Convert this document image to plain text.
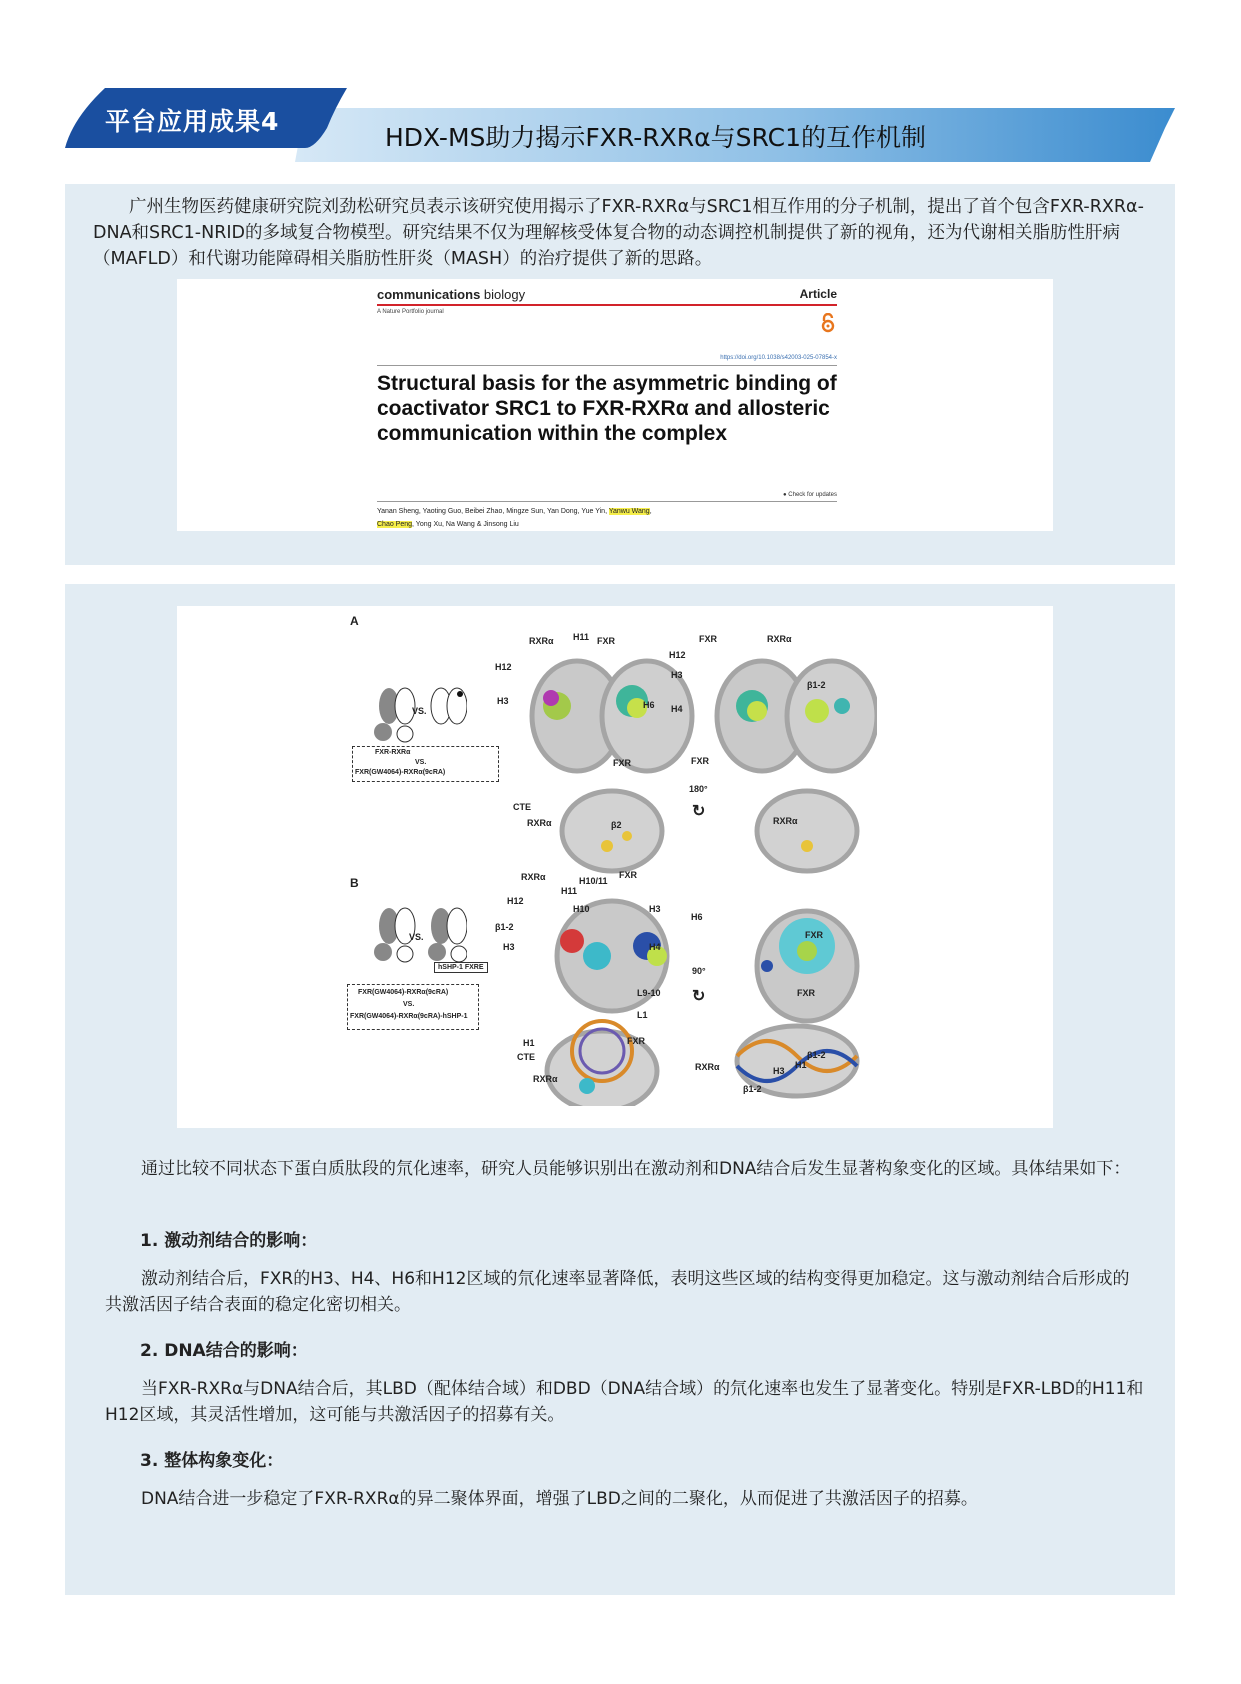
平台应用成果4
HDX-MS助力揭示FXR-RXRα与SRC1的互作机制
广州生物医药健康研究院刘劲松研究员表示该研究使用揭示了FXR-RXRα与SRC1相互作用的分子机制，提出了首个包含FXR-RXRα-DNA和SRC1-NRID的多域复合物模型。研究结果不仅为理解核受体复合物的动态调控机制提供了新的视角，还为代谢相关脂肪性肝病（MAFLD）和代谢功能障碍相关脂肪性肝炎（MASH）的治疗提供了新的思路。
communications biology	Article
A Nature Portfolio journal
https://doi.org/10.1038/s42003-025-07854-x
Structural basis for the asymmetric binding of coactivator SRC1 to FXR-RXRα and allosteric communication within the complex
● Check for updates
Yanan Sheng, Yaoting Guo, Beibei Zhao, Mingze Sun, Yan Dong, Yue Yin, Yanwu Wang,
Chao Peng, Yong Xu, Na Wang & Jinsong Liu
A
B
VS.
FXR-RXRα
VS.
FXR(GW4064)-RXRα(9cRA)
VS.
hSHP-1 FXRE
FXR(GW4064)-RXRα(9cRA)
VS.
FXR(GW4064)-RXRα(9cRA)-hSHP-1
↻
↻
180°
90°
RXRα H11 FXR
H12
H3	H6
FXR	RXRα
H12
H3
H4
β1-2
FXR	FXR
CTE
RXRα	β2	RXRα
RXRα
H11
H10/11
FXR
H12
H10	H3
β1-2
H3	H4
L9-10
L1
H1
CTE
FXR
RXRα
H6
FXR
FXR
RXRα	H3
H1
β1-2
β1-2
通过比较不同状态下蛋白质肽段的氘化速率，研究人员能够识别出在激动剂和DNA结合后发生显著构象变化的区域。具体结果如下：
1. 激动剂结合的影响：
激动剂结合后，FXR的H3、H4、H6和H12区域的氘化速率显著降低，表明这些区域的结构变得更加稳定。这与激动剂结合后形成的共激活因子结合表面的稳定化密切相关。
2. DNA结合的影响：
当FXR-RXRα与DNA结合后，其LBD（配体结合域）和DBD（DNA结合域）的氘化速率也发生了显著变化。特别是FXR-LBD的H11和H12区域，其灵活性增加，这可能与共激活因子的招募有关。
3. 整体构象变化：
DNA结合进一步稳定了FXR-RXRα的异二聚体界面，增强了LBD之间的二聚化，从而促进了共激活因子的招募。
